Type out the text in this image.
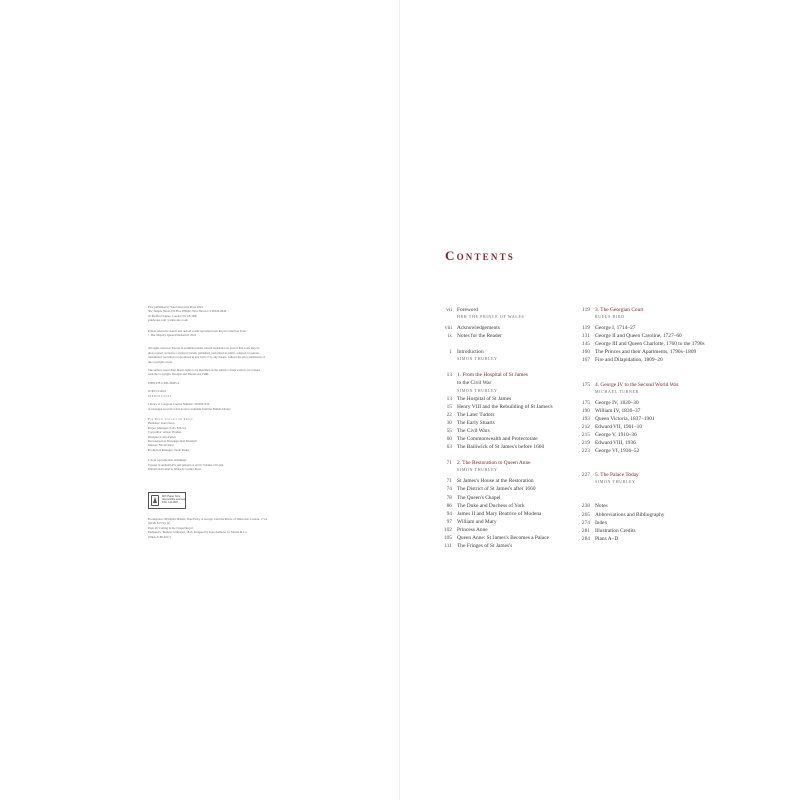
First published by Yale University Press 2022
302 Temple Street, PO Box 209040, New Haven CT 06520-9040
47 Bedford Square, London WC1B 3DP
yalebooks.com | yalebooks.co.uk
Unless otherwise stated, text and all works reproduced are Royal Collection Trust /
© Her Majesty Queen Elizabeth II 2022
All rights reserved. Except in permitted under current legislation no part of this work may be
photocopied, stored in a retrieval system, published, performed in public, adapted, broadcast,
transmitted, recorded or reproduced in any form or by any means, without the prior permission of
the copyright owner.
The authors assert their moral rights to be identified as the authors of this work in accordance
with the Copyright, Designs and Patents Act 1988.
ISBN 978-0-300-26085-4
W/RT/12/2022
10 9 8 7 6 5 4 3 2 1
Library of Congress Control Number: 2022931550
A catalogue record for this book is available from the British Library
For Royal Collection Trust:
Publisher: Kate Owen
Project Manager: Polly Fellows
Copyeditor: Alison Thomas
Designer: Laura Parker
Reconstruction Drawings: Rob Marshall
Indexer: Nicola King
Production Manager: Sarah Parker
Colour reproduction: Altaimage
Typeset in Arabella Pro and printed on Arctic Volume 150 gsm
Printed and bound in Wales by Gomer Press
MIX Paper from responsible sources FSC C114687
Frontispiece: Mortimer Mabell, State Entry of George I and the Prince of Wales into London, 1714
(RCIN 81774), (a)
Page 4b: Ceiling in the Chapel Royal
Endpapers: 'Madras' wallpaper, 1815, designed by Kate Zedhorst for Morris & Co.
(V&A, E.80-2017)
Contents
vii Foreword
HRH THE PRINCE OF WALES
viii Acknowledgements
ix Notes for the Reader
1 Introduction
SIMON THURLEY
13 1. From the Hospital of St James
to the Civil War
SIMON THURLEY
13 The Hospital of St James
15 Henry VIII and the Rebuilding of St James's
22 The Later Tudors
30 The Early Stuarts
55 The Civil Wars
60 The Commonwealth and Protectorate
63 The Bailiwick of St James's before 1660
71 2. The Restoration to Queen Anne
SIMON THURLEY
71 St James's House at the Restoration
74 The District of St James's after 1660
78 The Queen's Chapel
86 The Duke and Duchess of York
94 James II and Mary Beatrice of Modena
97 William and Mary
102 Princess Anne
105 Queen Anne: St James's Becomes a Palace
111 The Fringes of St James's
119 3. The Georgian Court
RUFUS BIRD
119 George I, 1714–27
131 George II and Queen Caroline, 1727–60
145 George III and Queen Charlotte, 1760 to the 1790s
160 The Princes and their Apartments, 1790s–1809
167 Fire and Dilapidation, 1809–20
175 4. George IV to the Second World War
MICHAEL TURNER
175 George IV, 1820–30
190 William IV, 1830–37
193 Queen Victoria, 1837–1901
212 Edward VII, 1901–10
215 George V, 1910–36
219 Edward VIII, 1936
223 George VI, 1936–52
227 5. The Palace Today
SIMON THURLEY
238 Notes
265 Abbreviations and Bibliography
274 Index
281 Illustration Credits
284 Plans A–D
